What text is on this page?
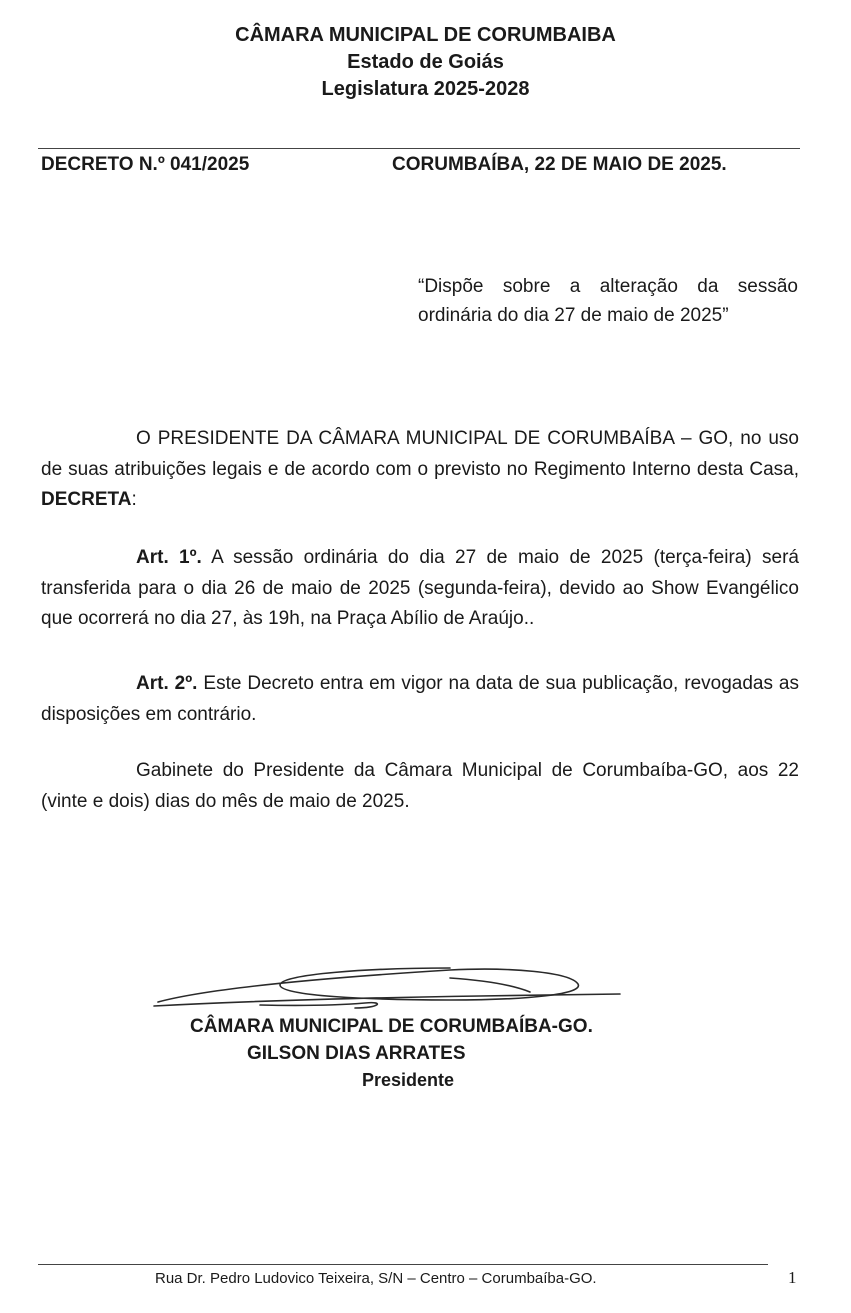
CÂMARA MUNICIPAL DE CORUMBAIBA
Estado de Goiás
Legislatura 2025-2028
DECRETO N.º 041/2025	CORUMBAÍBA, 22 DE MAIO DE 2025.
“Dispõe sobre a alteração da sessão ordinária do dia 27 de maio de 2025”
O PRESIDENTE DA CÂMARA MUNICIPAL DE CORUMBAÍBA – GO, no uso de suas atribuições legais e de acordo com o previsto no Regimento Interno desta Casa, DECRETA:
Art. 1º. A sessão ordinária do dia 27 de maio de 2025 (terça-feira) será transferida para o dia 26 de maio de 2025 (segunda-feira), devido ao Show Evangélico que ocorrerá no dia 27, às 19h, na Praça Abílio de Araújo..
Art. 2º. Este Decreto entra em vigor na data de sua publicação, revogadas as disposições em contrário.
Gabinete do Presidente da Câmara Municipal de Corumbaíba-GO, aos 22 (vinte e dois) dias do mês de maio de 2025.
CÂMARA MUNICIPAL DE CORUMBAÍBA-GO.
GILSON DIAS ARRATES
Presidente
Rua Dr. Pedro Ludovico Teixeira, S/N – Centro – Corumbaíba-GO.	1
